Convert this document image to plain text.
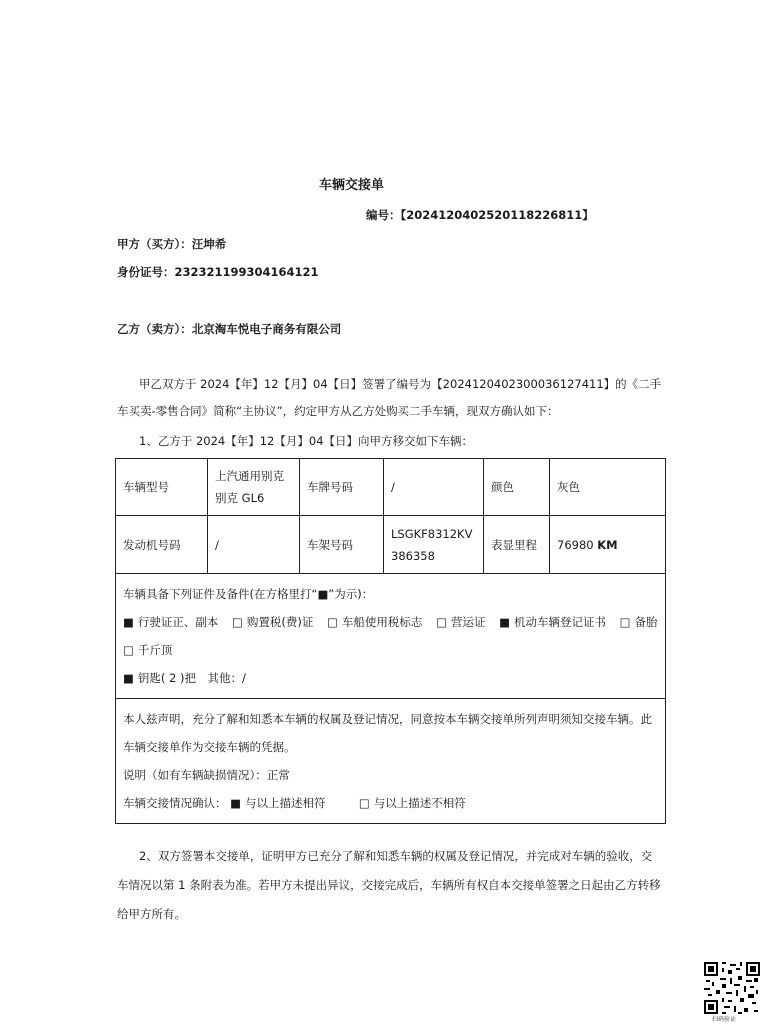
车辆交接单
编号：【20241204025201182268​11】
甲方（买方）：汪坤希
身份证号：232321199304164121
乙方（卖方）：北京淘车悦电子商务有限公司
甲乙双方于 2024【年】12【月】04【日】签署了编号为【2024120402300036127411】的《二手车买卖-零售合同》简称“主协议”，约定甲方从乙方处购买二手车辆，现双方确认如下：
1、乙方于 2024【年】12【月】04【日】向甲方移交如下车辆：
车辆型号	上汽通用别克别克 GL6	车牌号码	/	颜色	灰色
发动机号码	/	车架号码	LSGKF8312KV386358	表显里程	76980 KM

车辆具备下列证件及备件(在方格里打“■”为示)：
■ 行驶证正、副本 □ 购置税(费)证 □ 车船使用税标志 □ 营运证 ■ 机动车辆登记证书 □ 备胎
□ 千斤顶
■ 钥匙( 2 )把　其他：/					

本人兹声明，充分了解和知悉本车辆的权属及登记情况，同意按本车辆交接单所列声明须知交接车辆。此车辆交接单作为交接车辆的凭据。
说明（如有车辆缺损情况）：正常
车辆交接情况确认： ■ 与以上描述相符 □ 与以上描述不相符					
2、双方签署本交接单，证明甲方已充分了解和知悉车辆的权属及登记情况，并完成对车辆的验收，交车情况以第 1 条附表为准。若甲方未提出异议，交接完成后，车辆所有权自本交接单签署之日起由乙方转移给甲方所有。
扫码验证
